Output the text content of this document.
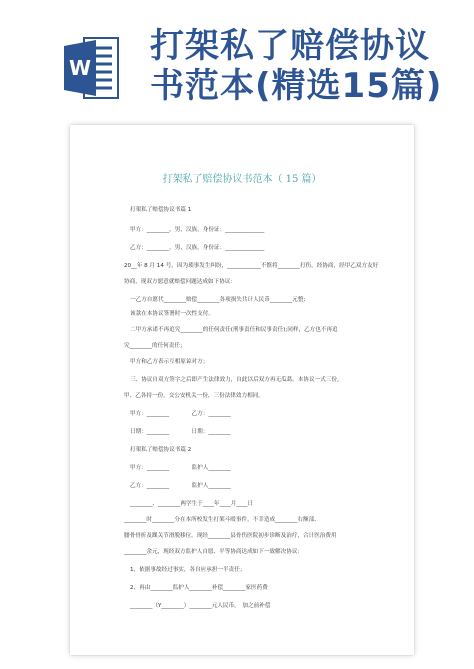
W
打架私了赔偿协议
书范本(精选15篇)
打架私了赔偿协议书范本（ 15 篇）
打架私了赔偿协议书篇 1
甲方：________，男，汉族，身份证：______________
乙方：________，男，汉族，身份证：______________
20__年 8 月 14 号，因为琐事发生纠纷，____________不慎将________打伤，经协商，经甲乙双方友好
协商，现双方愿意就赔偿问题达成如下协议：
一乙方自愿代________赔偿________各项损失共计人民币________元整;
该款在本协议签署时一次性支付。
二甲方承诺不再追究________的任何责任(刑事责任和民事责任);同样，乙方也不再追
究________的任何责任；
甲方和乙方表示互相原谅对方；
三、协议自双方签字之后即产生法律效力，自此以后双方再无瓜葛。本协议一式三份，
甲、乙各持一份，交公安机关一份，三份法律效力相同。
甲方：________　　　　乙方：________
日期：________　　　　日期：________
打架私了赔偿协议书篇 2
甲方：________　　　　监护人________
乙方：________　　　　监护人________
________、________两学生于____年____月____日
________时________分在本所校发生打架斗殴事件，不幸造成________右额部、
腰骨骨折及踝关节滑脱移位。现经________县骨伤医院初步诊断及治疗，合计医治费用
________余元，现经双方监护人自愿、平等协商达成如下一致解决协议：
1、依据事故经过事实，各自应承担一半责任；
2、再由________监护人________补偿________家医药费
________（Y________）________元人民币。　加之前补偿
